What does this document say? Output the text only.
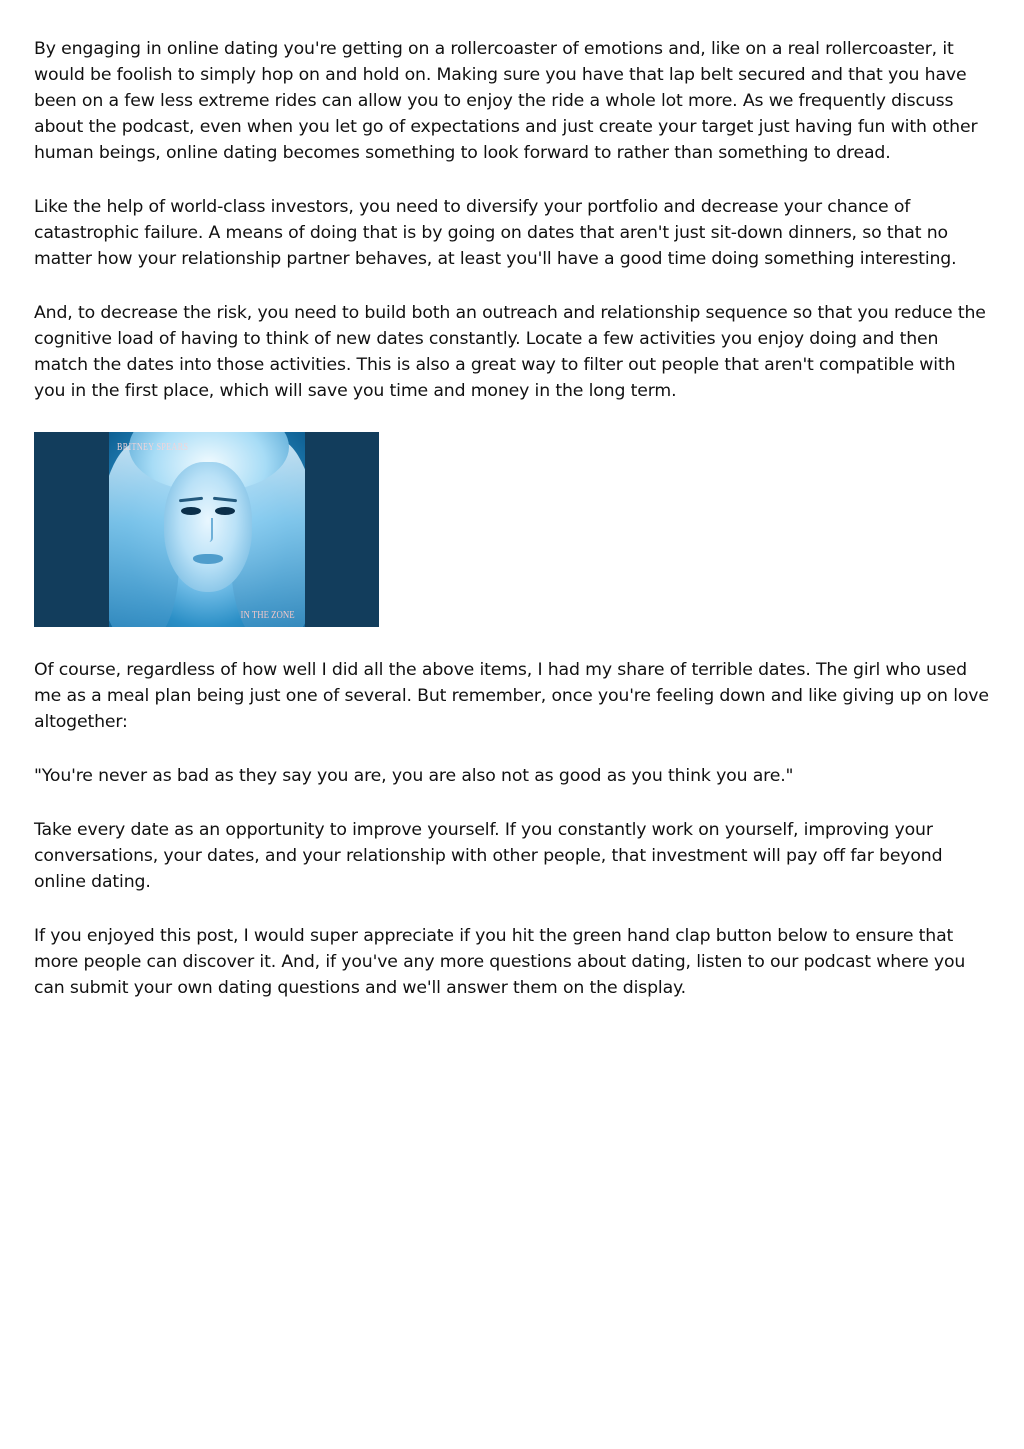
By engaging in online dating you're getting on a rollercoaster of emotions and, like on a real rollercoaster, it would be foolish to simply hop on and hold on. Making sure you have that lap belt secured and that you have been on a few less extreme rides can allow you to enjoy the ride a whole lot more. As we frequently discuss about the podcast, even when you let go of expectations and just create your target just having fun with other human beings, online dating becomes something to look forward to rather than something to dread.

Like the help of world-class investors, you need to diversify your portfolio and decrease your chance of catastrophic failure. A means of doing that is by going on dates that aren't just sit-down dinners, so that no matter how your relationship partner behaves, at least you'll have a good time doing something interesting.

And, to decrease the risk, you need to build both an outreach and relationship sequence so that you reduce the cognitive load of having to think of new dates constantly. Locate a few activities you enjoy doing and then match the dates into those activities. This is also a great way to filter out people that aren't compatible with you in the first place, which will save you time and money in the long term.

BRITNEY SPEARS
IN THE ZONE

Of course, regardless of how well I did all the above items, I had my share of terrible dates. The girl who used me as a meal plan being just one of several. But remember, once you're feeling down and like giving up on love altogether:

"You're never as bad as they say you are, you are also not as good as you think you are."

Take every date as an opportunity to improve yourself. If you constantly work on yourself, improving your conversations, your dates, and your relationship with other people, that investment will pay off far beyond online dating.

If you enjoyed this post, I would super appreciate if you hit the green hand clap button below to ensure that more people can discover it. And, if you've any more questions about dating, listen to our podcast where you can submit your own dating questions and we'll answer them on the display.
